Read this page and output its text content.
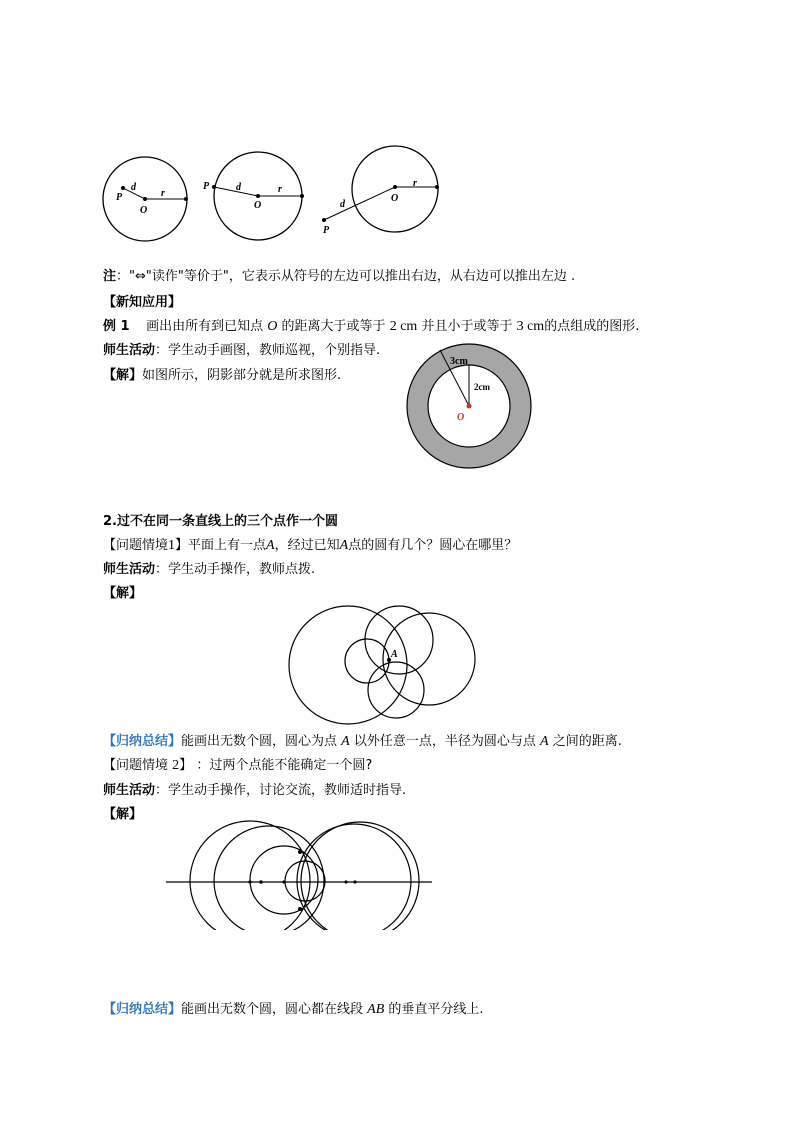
P
d
r
O
P	d	r
O
P
d
r
O
注："⇔"读作"等价于"，它表示从符号的左边可以推出右边，从右边可以推出左边 .
【新知应用】
例 1 画出由所有到已知点 O 的距离大于或等于 2 cm 并且小于或等于 3 cm的点组成的图形.
师生活动：学生动手画图，教师巡视，个别指导.
【解】如图所示，阴影部分就是所求图形.
3cm
2cm
O
2.过不在同一条直线上的三个点作一个圆
【问题情境1】平面上有一点A，经过已知A点的圆有几个？圆心在哪里？
师生活动：学生动手操作，教师点拨.
【解】
A
【归纳总结】能画出无数个圆，圆心为点 A 以外任意一点，半径为圆心与点 A 之间的距离.
【问题情境 2】 ：过两个点能不能确定一个圆?
师生活动：学生动手操作，讨论交流，教师适时指导.
【解】
【归纳总结】能画出无数个圆，圆心都在线段 AB 的垂直平分线上.
